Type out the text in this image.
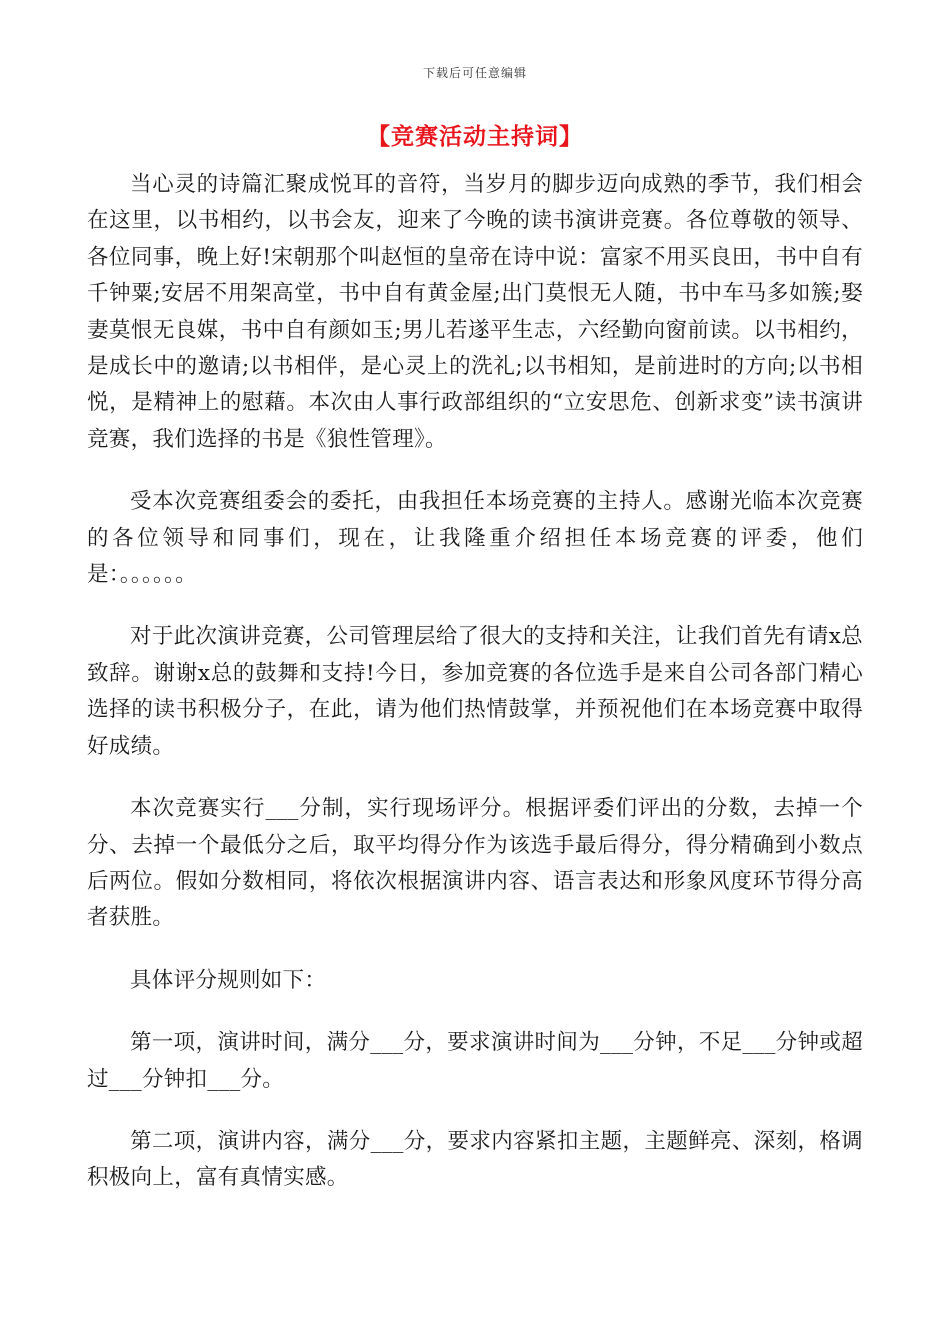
下载后可任意编辑
【竞赛活动主持词】

当心灵的诗篇汇聚成悦耳的音符，当岁月的脚步迈向成熟的季节，我们相会在这里，以书相约，以书会友，迎来了今晚的读书演讲竞赛。各位尊敬的领导、各位同事，晚上好!宋朝那个叫赵恒的皇帝在诗中说：富家不用买良田，书中自有千钟粟;安居不用架高堂，书中自有黄金屋;出门莫恨无人随，书中车马多如簇;娶妻莫恨无良媒，书中自有颜如玉;男儿若遂平生志，六经勤向窗前读。以书相约，是成长中的邀请;以书相伴，是心灵上的洗礼;以书相知，是前进时的方向;以书相悦，是精神上的慰藉。本次由人事行政部组织的“立安思危、创新求变”读书演讲竞赛，我们选择的书是《狼性管理》。

受本次竞赛组委会的委托，由我担任本场竞赛的主持人。感谢光临本次竞赛的各位领导和同事们，现在，让我隆重介绍担任本场竞赛的评委，他们是：。。。。。。

对于此次演讲竞赛，公司管理层给了很大的支持和关注，让我们首先有请x总致辞。谢谢x总的鼓舞和支持!今日，参加竞赛的各位选手是来自公司各部门精心选择的读书积极分子，在此，请为他们热情鼓掌，并预祝他们在本场竞赛中取得好成绩。

本次竞赛实行___分制，实行现场评分。根据评委们评出的分数，去掉一个分、去掉一个最低分之后，取平均得分作为该选手最后得分，得分精确到小数点后两位。假如分数相同，将依次根据演讲内容、语言表达和形象风度环节得分高者获胜。

具体评分规则如下：

第一项，演讲时间，满分___分，要求演讲时间为___分钟，不足___分钟或超过___分钟扣___分。

第二项，演讲内容，满分___分，要求内容紧扣主题，主题鲜亮、深刻，格调积极向上，富有真情实感。
